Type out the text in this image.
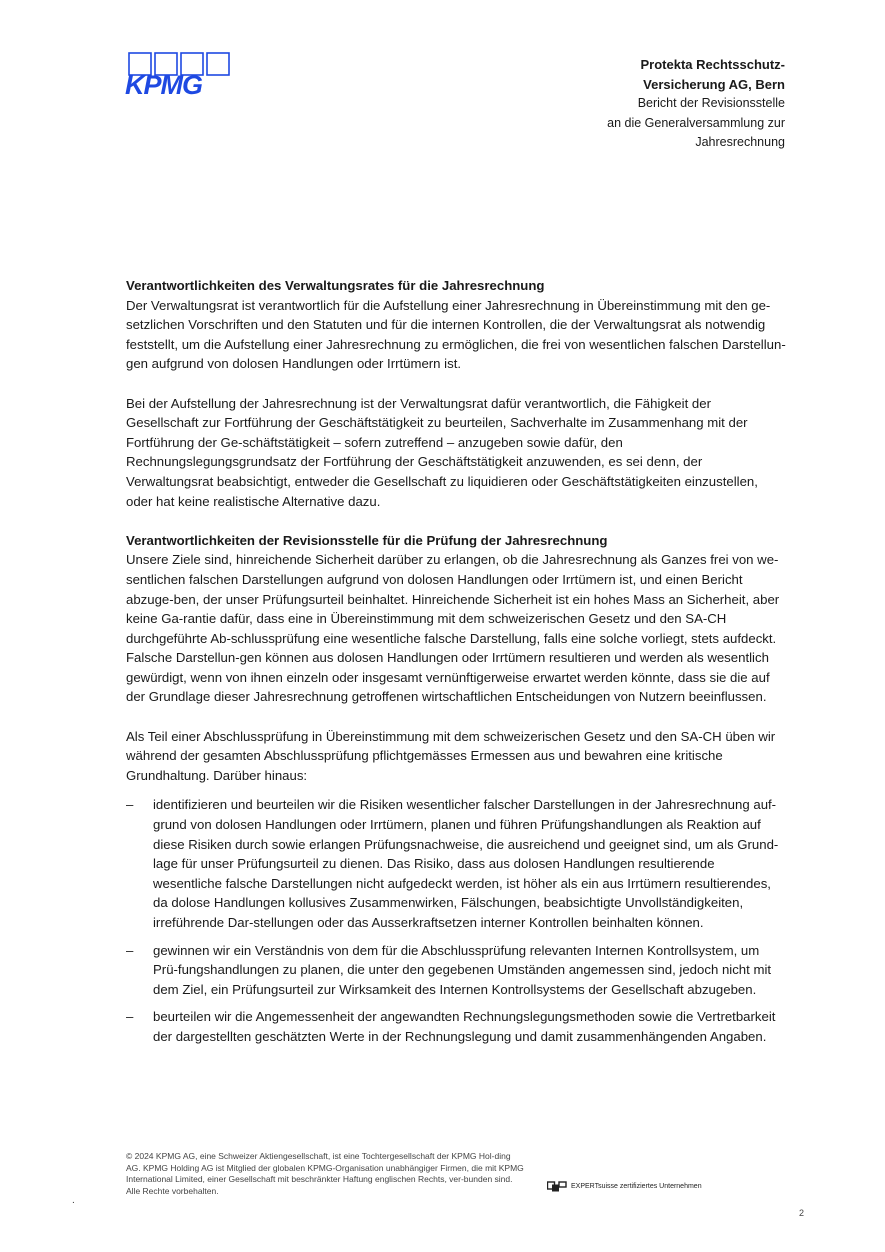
KPMG
Protekta Rechtsschutz-
Versicherung AG, Bern
Bericht der Revisionsstelle
an die Generalversammlung zur
Jahresrechnung

Verantwortlichkeiten des Verwaltungsrates für die Jahresrechnung

Der Verwaltungsrat ist verantwortlich für die Aufstellung einer Jahresrechnung in Übereinstimmung mit den ge-setzlichen Vorschriften und den Statuten und für die internen Kontrollen, die der Verwaltungsrat als notwendig feststellt, um die Aufstellung einer Jahresrechnung zu ermöglichen, die frei von wesentlichen falschen Darstellun-gen aufgrund von dolosen Handlungen oder Irrtümern ist.

Bei der Aufstellung der Jahresrechnung ist der Verwaltungsrat dafür verantwortlich, die Fähigkeit der Gesellschaft zur Fortführung der Geschäftstätigkeit zu beurteilen, Sachverhalte im Zusammenhang mit der Fortführung der Ge-schäftstätigkeit – sofern zutreffend – anzugeben sowie dafür, den Rechnungslegungsgrundsatz der Fortführung der Geschäftstätigkeit anzuwenden, es sei denn, der Verwaltungsrat beabsichtigt, entweder die Gesellschaft zu liquidieren oder Geschäftstätigkeiten einzustellen, oder hat keine realistische Alternative dazu.

Verantwortlichkeiten der Revisionsstelle für die Prüfung der Jahresrechnung

Unsere Ziele sind, hinreichende Sicherheit darüber zu erlangen, ob die Jahresrechnung als Ganzes frei von we-sentlichen falschen Darstellungen aufgrund von dolosen Handlungen oder Irrtümern ist, und einen Bericht abzuge-ben, der unser Prüfungsurteil beinhaltet. Hinreichende Sicherheit ist ein hohes Mass an Sicherheit, aber keine Ga-rantie dafür, dass eine in Übereinstimmung mit dem schweizerischen Gesetz und den SA-CH durchgeführte Ab-schlussprüfung eine wesentliche falsche Darstellung, falls eine solche vorliegt, stets aufdeckt. Falsche Darstellun-gen können aus dolosen Handlungen oder Irrtümern resultieren und werden als wesentlich gewürdigt, wenn von ihnen einzeln oder insgesamt vernünftigerweise erwartet werden könnte, dass sie die auf der Grundlage dieser Jahresrechnung getroffenen wirtschaftlichen Entscheidungen von Nutzern beeinflussen.

Als Teil einer Abschlussprüfung in Übereinstimmung mit dem schweizerischen Gesetz und den SA-CH üben wir während der gesamten Abschlussprüfung pflichtgemässes Ermessen aus und bewahren eine kritische Grundhaltung. Darüber hinaus:

– identifizieren und beurteilen wir die Risiken wesentlicher falscher Darstellungen in der Jahresrechnung auf-grund von dolosen Handlungen oder Irrtümern, planen und führen Prüfungshandlungen als Reaktion auf diese Risiken durch sowie erlangen Prüfungsnachweise, die ausreichend und geeignet sind, um als Grund-lage für unser Prüfungsurteil zu dienen. Das Risiko, dass aus dolosen Handlungen resultierende wesentliche falsche Darstellungen nicht aufgedeckt werden, ist höher als ein aus Irrtümern resultierendes, da dolose Handlungen kollusives Zusammenwirken, Fälschungen, beabsichtigte Unvollständigkeiten, irreführende Dar-stellungen oder das Ausserkraftsetzen interner Kontrollen beinhalten können.
– gewinnen wir ein Verständnis von dem für die Abschlussprüfung relevanten Internen Kontrollsystem, um Prü-fungshandlungen zu planen, die unter den gegebenen Umständen angemessen sind, jedoch nicht mit dem Ziel, ein Prüfungsurteil zur Wirksamkeit des Internen Kontrollsystems der Gesellschaft abzugeben.
– beurteilen wir die Angemessenheit der angewandten Rechnungslegungsmethoden sowie die Vertretbarkeit der dargestellten geschätzten Werte in der Rechnungslegung und damit zusammenhängenden Angaben.
.
© 2024 KPMG AG, eine Schweizer Aktiengesellschaft, ist eine Tochtergesellschaft der KPMG Hol-ding AG. KPMG Holding AG ist Mitglied der globalen KPMG-Organisation unabhängiger Firmen, die mit KPMG International Limited, einer Gesellschaft mit beschränkter Haftung englischen Rechts, ver-bunden sind. Alle Rechte vorbehalten.	EXPERTsuisse zertifiziertes Unternehmen
2
